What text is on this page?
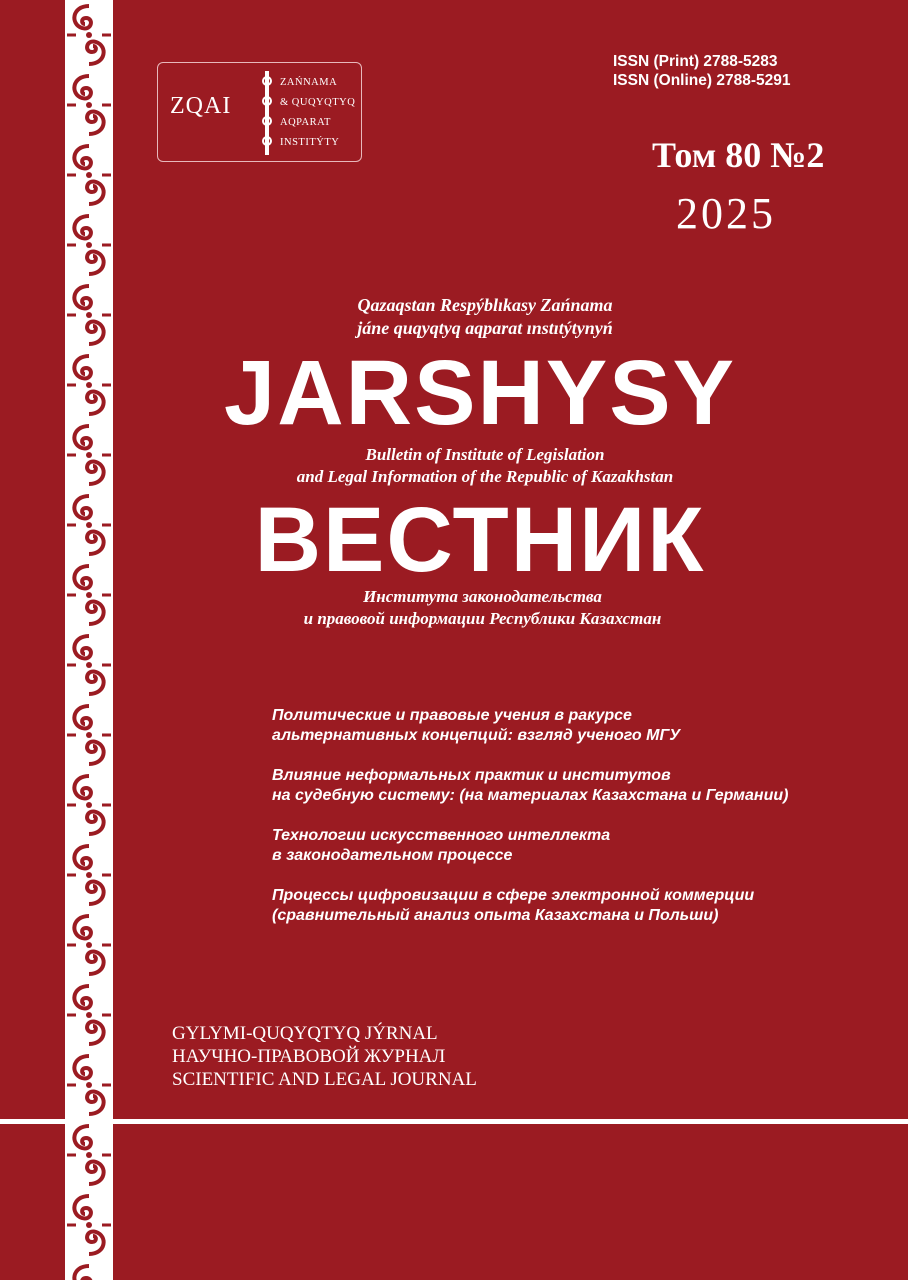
ZQAI
ZAŃNAMA
& QUQYQTYQ
AQPARAT
INSTITÝTY
ISSN (Print) 2788-5283
ISSN (Online) 2788-5291
Том 80 №2
2025
Qazaqstan Respýblıkasy Zańnama
jáne quqyqtyq aqparat ınstıtýtynyń
JARSHYSY
Bulletin of Institute of Legislation
and Legal Information of the Republic of Kazakhstan
ВЕСТНИК
Института законодательства
и правовой информации Республики Казахстан
Политические и правовые учения в ракурсе
альтернативных концепций: взгляд ученого МГУ
Влияние неформальных практик и институтов
на судебную систему: (на материалах Казахстана и Германии)
Технологии искусственного интеллекта
в законодательном процессе
Процессы цифровизации в сфере электронной коммерции
(сравнительный анализ опыта Казахстана и Польши)
GYLYMI-QUQYQTYQ JÝRNAL
НАУЧНО-ПРАВОВОЙ ЖУРНАЛ
SCIENTIFIC AND LEGAL JOURNAL
